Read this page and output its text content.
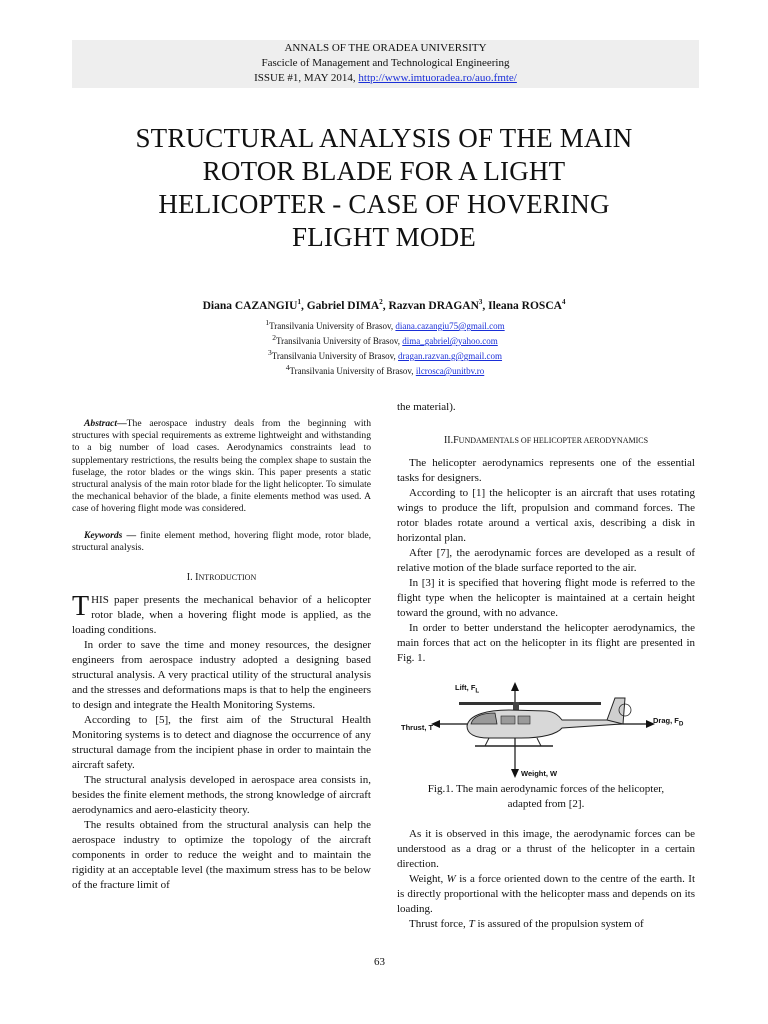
ANNALS OF THE ORADEA UNIVERSITY
Fascicle of Management and Technological Engineering
ISSUE #1, MAY 2014, http://www.imtuoradea.ro/auo.fmte/
STRUCTURAL ANALYSIS OF THE MAIN
ROTOR BLADE FOR A LIGHT
HELICOPTER - CASE OF HOVERING
FLIGHT MODE
Diana CAZANGIU$^1$, Gabriel DIMA$^2$, Razvan DRAGAN$^3$, Ileana ROSCA$^4$
$^1$Transilvania University of Brasov, diana.cazangiu75@gmail.com
$^2$Transilvania University of Brasov, dima_gabriel@yahoo.com
$^3$Transilvania University of Brasov, dragan.razvan.g@gmail.com
$^4$Transilvania University of Brasov, ilcrosca@unitbv.ro

Abstract—The aerospace industry deals from the beginning with structures with special requirements as extreme lightweight and withstanding to a big number of load cases. Aerodynamics constraints lead to supplementary restrictions, the results being the complex shape to sustain the fuselage, the rotor blades or the wings skin. This paper presents a static structural analysis of the main rotor blade for the light helicopter. To simulate the mechanical behavior of the blade, a finite elements method was used. A case of hovering flight mode was considered.

Keywords — finite element method, hovering flight mode, rotor blade, structural analysis.

I. INTRODUCTION

THIS paper presents the mechanical behavior of a helicopter rotor blade, when a hovering flight mode is applied, as the loading conditions.

In order to save the time and money resources, the designer engineers from aerospace industry adopted a designing based structural analysis. A very practical utility of the structural analysis and the stresses and deformations maps is that to help the engineers to design and integrate the Health Monitoring Systems.

According to [5], the first aim of the Structural Health Monitoring systems is to detect and diagnose the occurrence of any structural damage from the incipient phase in order to maintain the aircraft safety.

The structural analysis developed in aerospace area consists in, besides the finite element methods, the strong knowledge of aircraft aerodynamics and aero-elasticity theory.

The results obtained from the structural analysis can help the aerospace industry to optimize the topology of the aircraft components in order to reduce the weight and to maintain the rigidity at an acceptable level (the maximum stress has to be below of the fracture limit of

the material).

II.FUNDAMENTALS OF HELICOPTER AERODYNAMICS

The helicopter aerodynamics represents one of the essential tasks for designers.

According to [1] the helicopter is an aircraft that uses rotating wings to produce the lift, propulsion and command forces. The rotor blades rotate around a vertical axis, describing a disk in horizontal plan.

After [7], the aerodynamic forces are developed as a result of relative motion of the blade surface reported to the air.

In [3] it is specified that hovering flight mode is referred to the flight type when the helicopter is maintained at a certain height toward the ground, with no advance.

In order to better understand the helicopter aerodynamics, the main forces that act on the helicopter in its flight are presented in Fig. 1.

Lift, $F_L$
Drag, $F_D$
Thrust, T
Weight, W
Fig.1. The main aerodynamic forces of the helicopter,
adapted from [2].

As it is observed in this image, the aerodynamic forces can be understood as a drag or a thrust of the helicopter in a certain direction.

Weight, W is a force oriented down to the centre of the earth. It is directly proportional with the helicopter mass and depends on its loading.

Thrust force, T is assured of the propulsion system of

63
